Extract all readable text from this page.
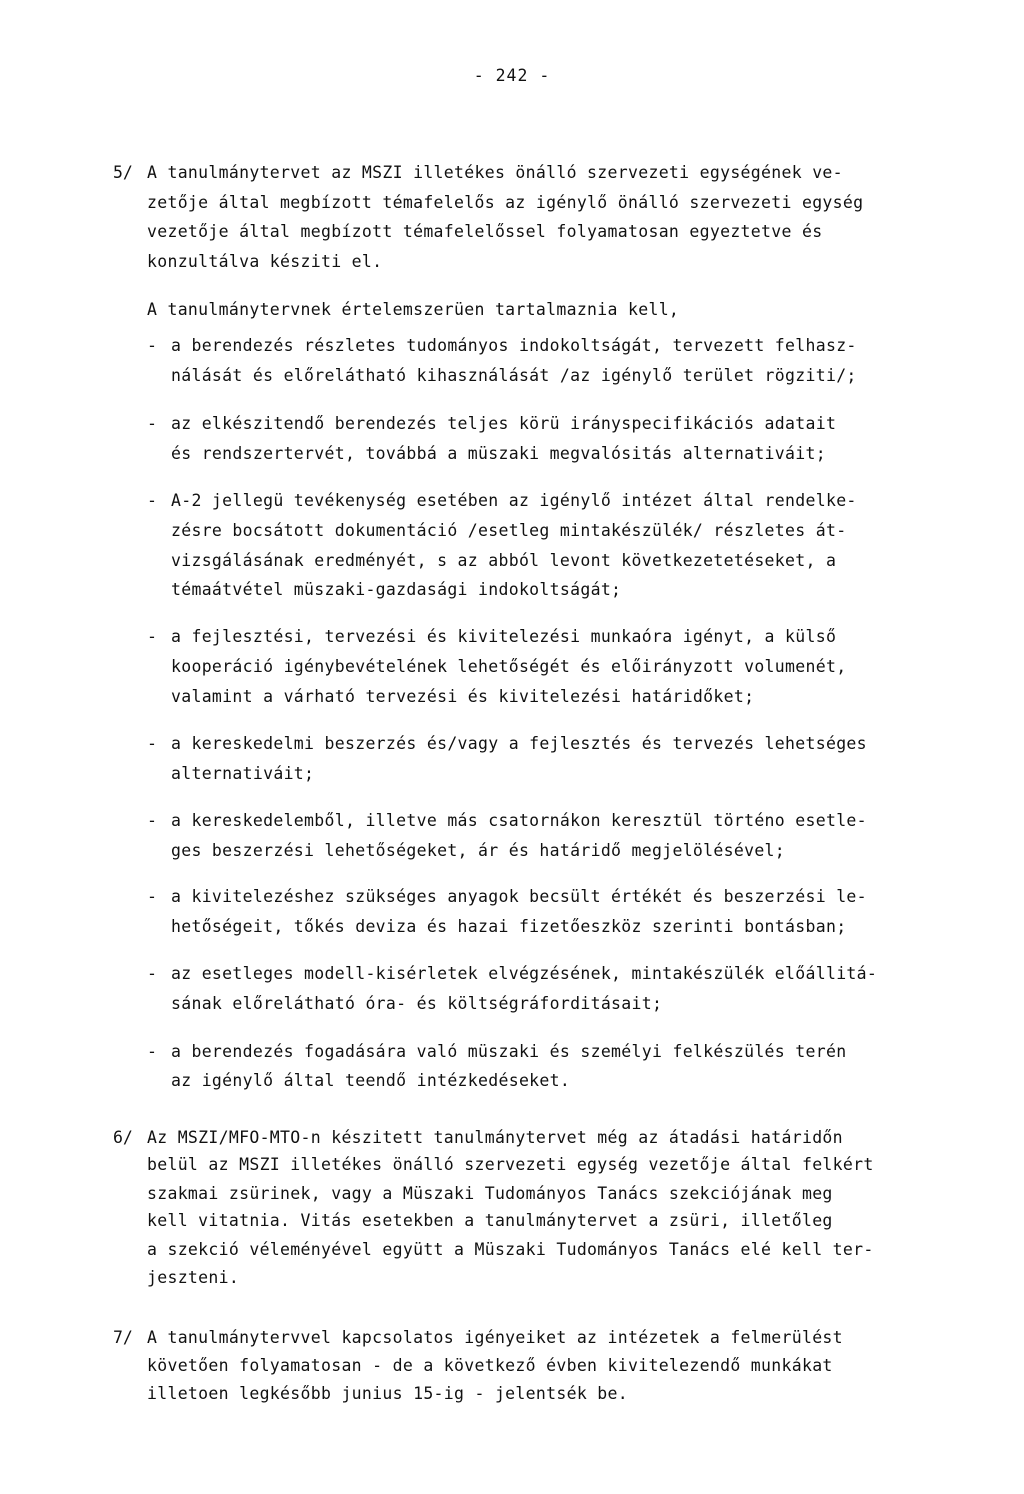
- 242 -
5/ A tanulmánytervet az MSZI illetékes önálló szervezeti egységének ve-
zetője által megbízott témafelelős az igénylő önálló szervezeti egység
vezetője által megbízott témafelelőssel folyamatosan egyeztetve és
konzultálva késziti el.
A tanulmánytervnek értelemszerüen tartalmaznia kell,
- a berendezés részletes tudományos indokoltságát, tervezett felhasz-
nálását és előrelátható kihasználását /az igénylő terület rögziti/;
- az elkészitendő berendezés teljes körü irányspecifikációs adatait
és rendszertervét, továbbá a müszaki megvalósitás alternativáit;
- A-2 jellegü tevékenység esetében az igénylő intézet által rendelke-
zésre bocsátott dokumentáció /esetleg mintakészülék/ részletes át-
vizsgálásának eredményét, s az abból levont következetetéseket, a
témaátvétel müszaki-gazdasági indokoltságát;
- a fejlesztési, tervezési és kivitelezési munkaóra igényt, a külső
kooperáció igénybevételének lehetőségét és előirányzott volumenét,
valamint a várható tervezési és kivitelezési határidőket;
- a kereskedelmi beszerzés és/vagy a fejlesztés és tervezés lehetséges
alternativáit;
- a kereskedelemből, illetve más csatornákon keresztül történo esetle-
ges beszerzési lehetőségeket, ár és határidő megjelölésével;
- a kivitelezéshez szükséges anyagok becsült értékét és beszerzési le-
hetőségeit, tőkés deviza és hazai fizetőeszköz szerinti bontásban;
- az esetleges modell-kisérletek elvégzésének, mintakészülék előállitá-
sának előrelátható óra- és költségráforditásait;
- a berendezés fogadására való müszaki és személyi felkészülés terén
az igénylő által teendő intézkedéseket.
6/ Az MSZI/MFO-MTO-n készitett tanulmánytervet még az átadási határidőn
belül az MSZI illetékes önálló szervezeti egység vezetője által felkért
szakmai zsürinek, vagy a Müszaki Tudományos Tanács szekciójának meg
kell vitatnia. Vitás esetekben a tanulmánytervet a zsüri, illetőleg
a szekció véleményével együtt a Müszaki Tudományos Tanács elé kell ter-
jeszteni.
7/ A tanulmánytervvel kapcsolatos igényeiket az intézetek a felmerülést
követően folyamatosan - de a következő évben kivitelezendő munkákat
illetoen legkésőbb junius 15-ig - jelentsék be.
